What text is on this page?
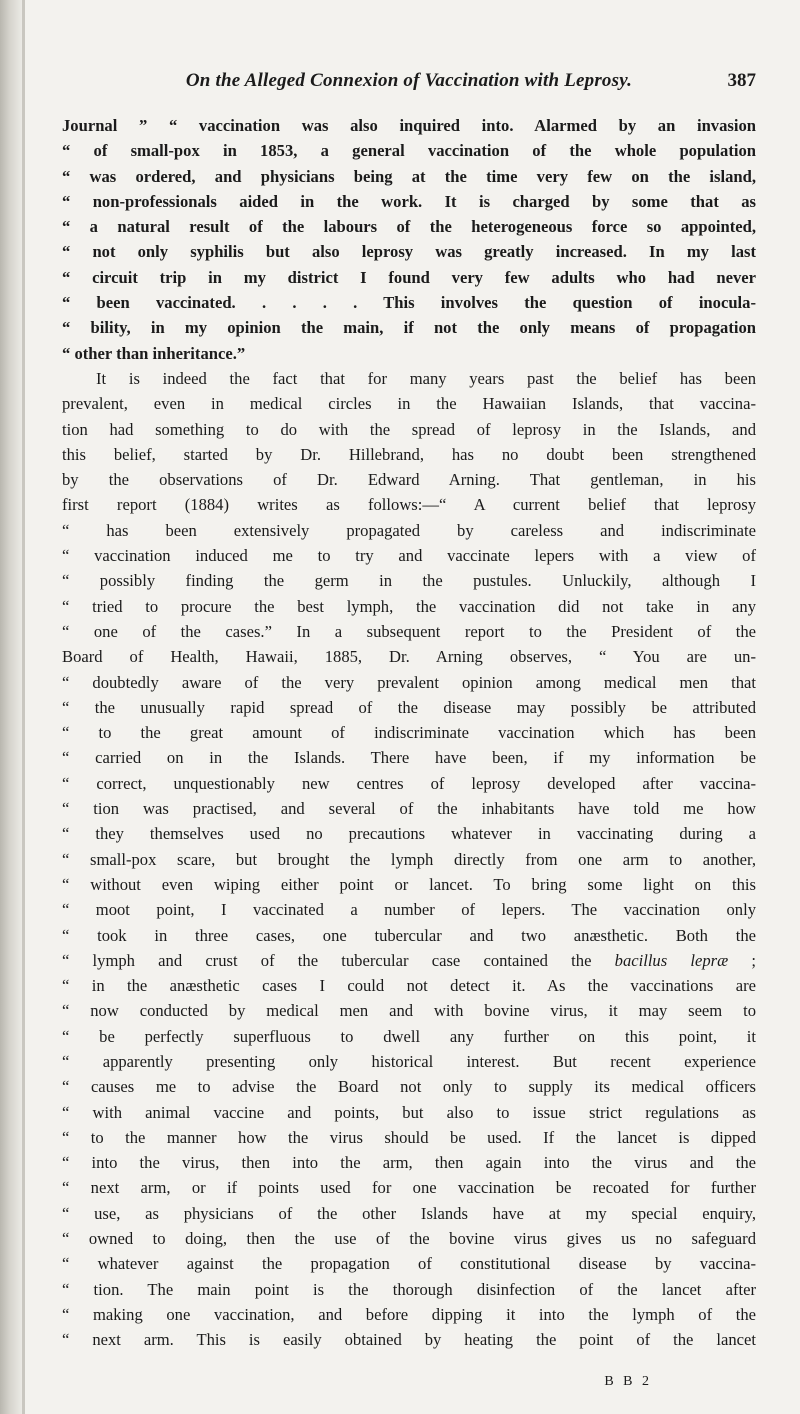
On the Alleged Connexion of Vaccination with Leprosy.	387
Journal ” “ vaccination was also inquired into. Alarmed by an invasion
“ of small-pox in 1853, a general vaccination of the whole population
“ was ordered, and physicians being at the time very few on the island,
“ non-professionals aided in the work. It is charged by some that as
“ a natural result of the labours of the heterogeneous force so appointed,
“ not only syphilis but also leprosy was greatly increased. In my last
“ circuit trip in my district I found very few adults who had never
“ been vaccinated. . . . . This involves the question of inocula-
“ bility, in my opinion the main, if not the only means of propagation
“ other than inheritance.”
It is indeed the fact that for many years past the belief has been
prevalent, even in medical circles in the Hawaiian Islands, that vaccina-
tion had something to do with the spread of leprosy in the Islands, and
this belief, started by Dr. Hillebrand, has no doubt been strengthened
by the observations of Dr. Edward Arning. That gentleman, in his
first report (1884) writes as follows:—“ A current belief that leprosy
“ has been extensively propagated by careless and indiscriminate
“ vaccination induced me to try and vaccinate lepers with a view of
“ possibly finding the germ in the pustules. Unluckily, although I
“ tried to procure the best lymph, the vaccination did not take in any
“ one of the cases.” In a subsequent report to the President of the
Board of Health, Hawaii, 1885, Dr. Arning observes, “ You are un-
“ doubtedly aware of the very prevalent opinion among medical men that
“ the unusually rapid spread of the disease may possibly be attributed
“ to the great amount of indiscriminate vaccination which has been
“ carried on in the Islands. There have been, if my information be
“ correct, unquestionably new centres of leprosy developed after vaccina-
“ tion was practised, and several of the inhabitants have told me how
“ they themselves used no precautions whatever in vaccinating during a
“ small-pox scare, but brought the lymph directly from one arm to another,
“ without even wiping either point or lancet. To bring some light on this
“ moot point, I vaccinated a number of lepers. The vaccination only
“ took in three cases, one tubercular and two anæsthetic. Both the
“ lymph and crust of the tubercular case contained the bacillus lepræ ;
“ in the anæsthetic cases I could not detect it. As the vaccinations are
“ now conducted by medical men and with bovine virus, it may seem to
“ be perfectly superfluous to dwell any further on this point, it
“ apparently presenting only historical interest. But recent experience
“ causes me to advise the Board not only to supply its medical officers
“ with animal vaccine and points, but also to issue strict regulations as
“ to the manner how the virus should be used. If the lancet is dipped
“ into the virus, then into the arm, then again into the virus and the
“ next arm, or if points used for one vaccination be recoated for further
“ use, as physicians of the other Islands have at my special enquiry,
“ owned to doing, then the use of the bovine virus gives us no safeguard
“ whatever against the propagation of constitutional disease by vaccina-
“ tion. The main point is the thorough disinfection of the lancet after
“ making one vaccination, and before dipping it into the lymph of the
“ next arm. This is easily obtained by heating the point of the lancet
B B 2
